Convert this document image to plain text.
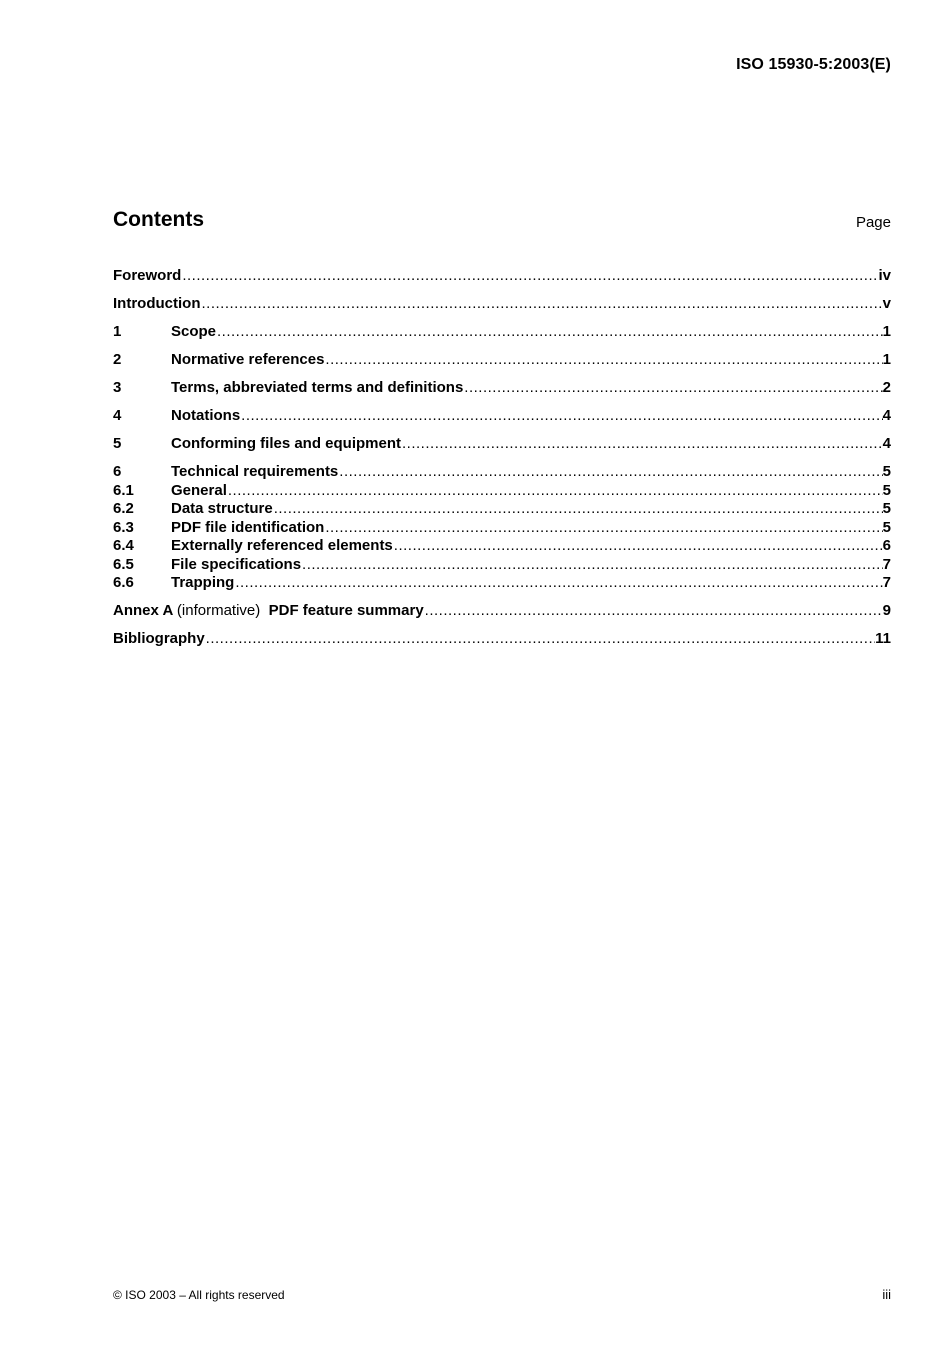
ISO 15930-5:2003(E)
Contents	Page
Foreword .....	iv
Introduction .....	v
1	Scope .....	1
2	Normative references .....	1
3	Terms, abbreviated terms and definitions .....	2
4	Notations .....	4
5	Conforming files and equipment .....	4
6	Technical requirements .....	5
6.1	General .....	5
6.2	Data structure .....	5
6.3	PDF file identification .....	5
6.4	Externally referenced elements .....	6
6.5	File specifications .....	7
6.6	Trapping .....	7
Annex A (informative) PDF feature summary .....	9
Bibliography .....	11
© ISO 2003 – All rights reserved	iii
